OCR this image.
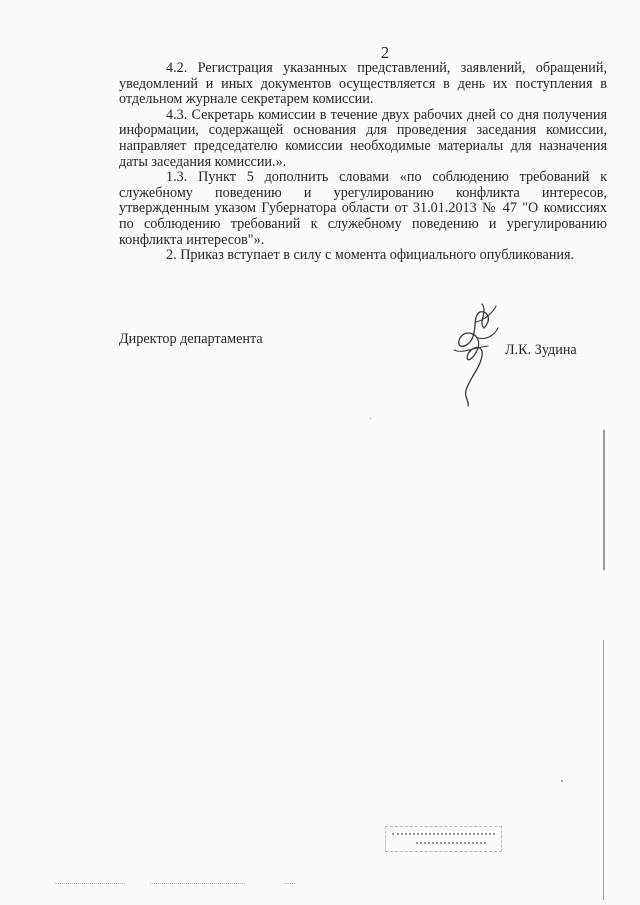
2

4.2. Регистрация указанных представлений, заявлений, обращений, уведомлений и иных документов осуществляется в день их поступления в отдельном журнале секретарем комиссии.

4.3. Секретарь комиссии в течение двух рабочих дней со дня получения информации, содержащей основания для проведения заседания комиссии, направляет председателю комиссии необходимые материалы для назначения даты заседания комиссии.».

1.3. Пункт 5 дополнить словами «по соблюдению требований к служебному поведению и урегулированию конфликта интересов, утвержденным указом Губернатора области от 31.01.2013 № 47 "О комиссиях по соблюдению требований к служебному поведению и урегулированию конфликта интересов"».

2. Приказ вступает в силу с момента официального опубликования.

Директор департамента
Л.К. Зудина
